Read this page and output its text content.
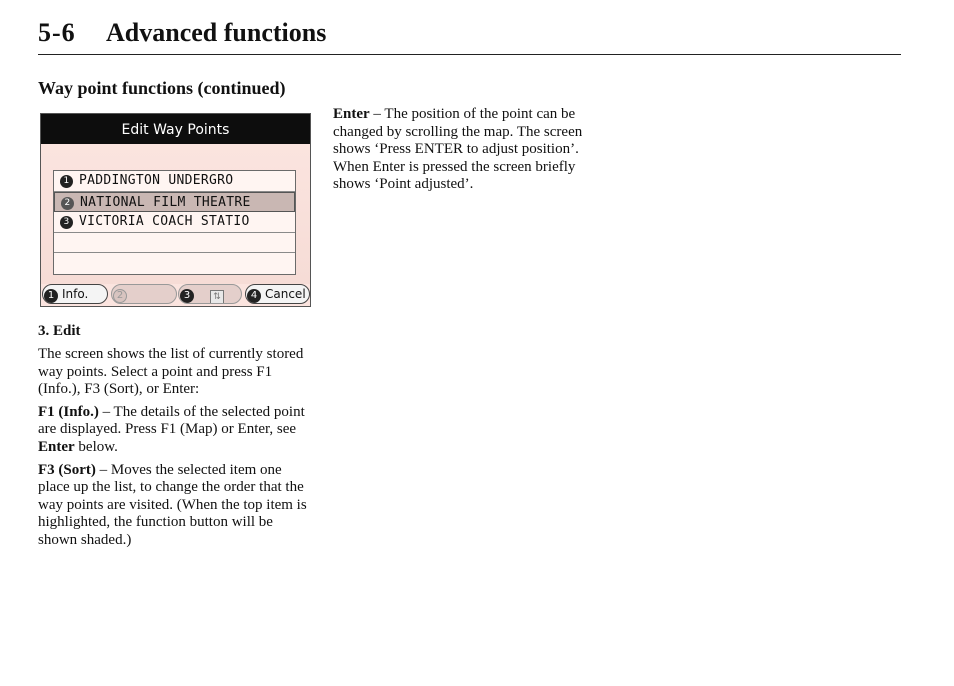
5-6 Advanced functions
Way point functions (continued)
Edit Way Points
1 PADDINGTON UNDERGRO
2 NATIONAL FILM THEATRE
3 VICTORIA COACH STATIO
1 Info.	2	3	⇅	4 Cancel
3. Edit

The screen shows the list of currently stored way points. Select a point and press F1 (Info.), F3 (Sort), or Enter:

F1 (Info.) – The details of the selected point are displayed. Press F1 (Map) or Enter, see Enter below.

F3 (Sort) – Moves the selected item one place up the list, to change the order that the way points are visited. (When the top item is highlighted, the function button will be shown shaded.)

Enter – The position of the point can be changed by scrolling the map. The screen shows ‘Press ENTER to adjust position’. When Enter is pressed the screen briefly shows ‘Point adjusted’.
